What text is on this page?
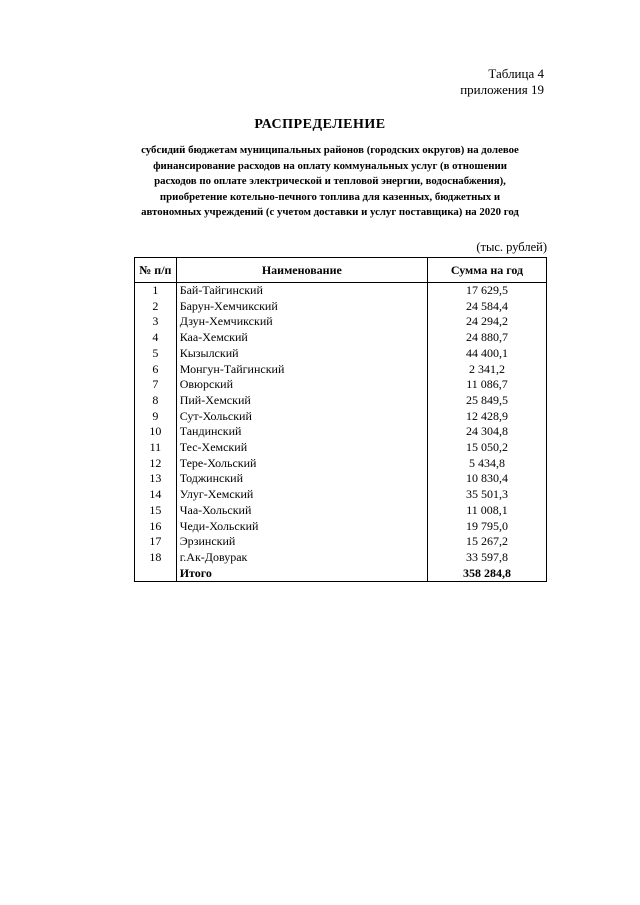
Таблица 4
приложения 19
РАСПРЕДЕЛЕНИЕ
субсидий бюджетам муниципальных районов (городских округов) на долевое
финансирование расходов на оплату коммунальных услуг (в отношении
расходов по оплате электрической и тепловой энергии, водоснабжения),
приобретение котельно-печного топлива для казенных, бюджетных и
автономных учреждений (с учетом доставки и услуг поставщика) на 2020 год
(тыс. рублей)
№ п/п	Наименование	Сумма на год
1	Бай-Тайгинский	17 629,5
2	Барун-Хемчикский	24 584,4
3	Дзун-Хемчикский	24 294,2
4	Каа-Хемский	24 880,7
5	Кызылский	44 400,1
6	Монгун-Тайгинский	2 341,2
7	Овюрский	11 086,7
8	Пий-Хемский	25 849,5
9	Сут-Хольский	12 428,9
10	Тандинский	24 304,8
11	Тес-Хемский	15 050,2
12	Тере-Хольский	5 434,8
13	Тоджинский	10 830,4
14	Улуг-Хемский	35 501,3
15	Чаа-Хольский	11 008,1
16	Чеди-Хольский	19 795,0
17	Эрзинский	15 267,2
18	г.Ак-Довурак	33 597,8
	Итого	358 284,8
